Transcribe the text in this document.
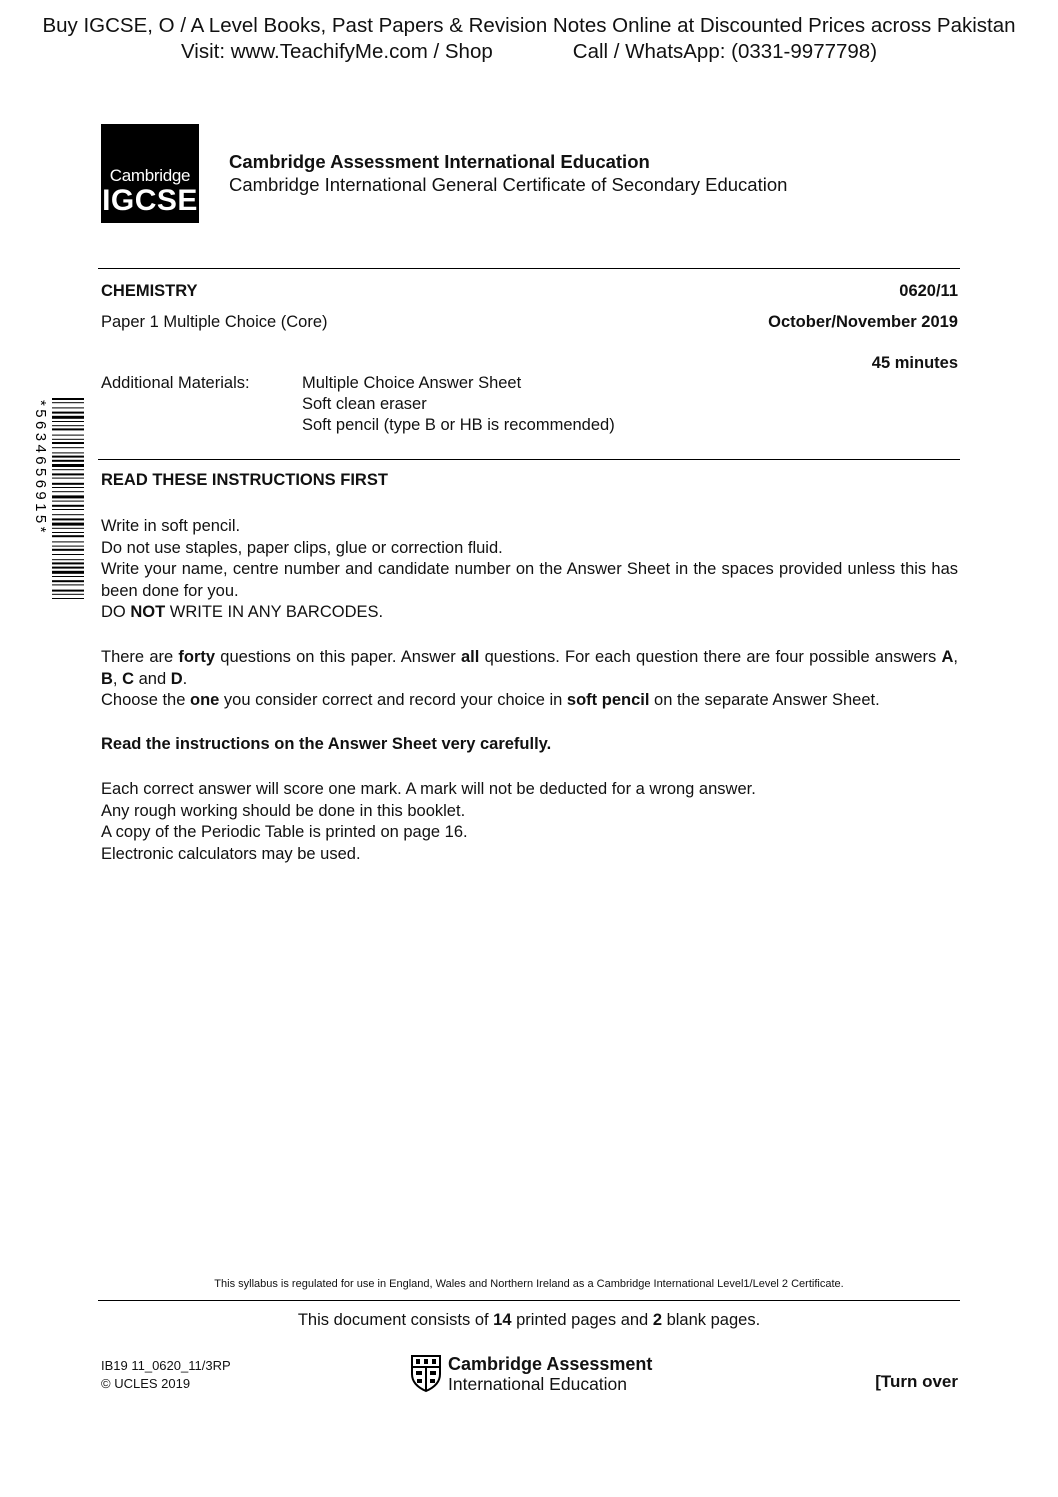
Buy IGCSE, O / A Level Books, Past Papers & Revision Notes Online at Discounted Prices across Pakistan
Visit: www.TeachifyMe.com / Shop	Call / WhatsApp: (0331-9977798)
Cambridge
IGCSE
Cambridge Assessment International Education
Cambridge International General Certificate of Secondary Education
CHEMISTRY	0620/11
Paper 1 Multiple Choice (Core)	October/November 2019
45 minutes
Additional Materials:	Multiple Choice Answer Sheet
Soft clean eraser
Soft pencil (type B or HB is recommended)
*5634656915*	READ THESE INSTRUCTIONS FIRST

Write in soft pencil.

Do not use staples, paper clips, glue or correction fluid.

Write your name, centre number and candidate number on the Answer Sheet in the spaces provided unless this has been done for you.

DO NOT WRITE IN ANY BARCODES.

There are forty questions on this paper. Answer all questions. For each question there are four possible answers A, B, C and D.

Choose the one you consider correct and record your choice in soft pencil on the separate Answer Sheet.

Read the instructions on the Answer Sheet very carefully.

Each correct answer will score one mark. A mark will not be deducted for a wrong answer.

Any rough working should be done in this booklet.

A copy of the Periodic Table is printed on page 16.

Electronic calculators may be used.

This syllabus is regulated for use in England, Wales and Northern Ireland as a Cambridge International Level1/Level 2 Certificate.
This document consists of 14 printed pages and 2 blank pages.
IB19 11_0620_11/3RP
© UCLES 2019
Cambridge Assessment
International Education	[Turn over
